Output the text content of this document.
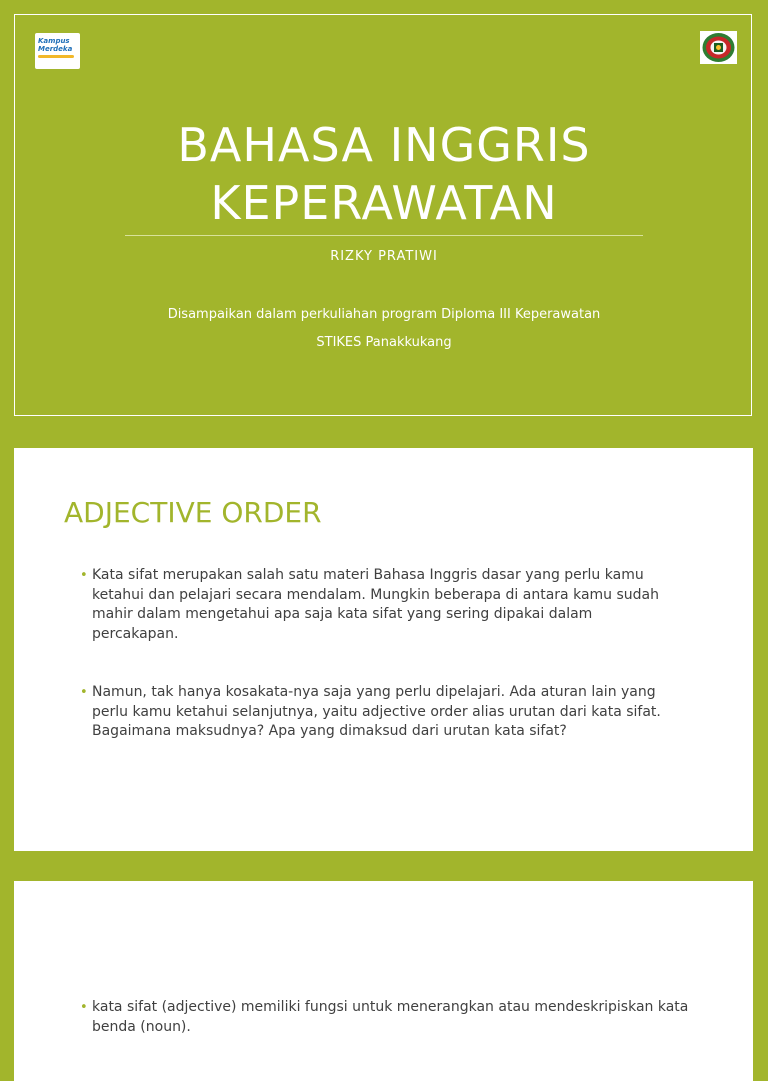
Kampus
Merdeka
BAHASA INGGRIS
KEPERAWATAN
RIZKY PRATIWI
Disampaikan dalam perkuliahan program Diploma III Keperawatan
STIKES Panakkukang
ADJECTIVE ORDER

• Kata sifat merupakan salah satu materi Bahasa Inggris dasar yang perlu kamu ketahui dan pelajari secara mendalam. Mungkin beberapa di antara kamu sudah mahir dalam mengetahui apa saja kata sifat yang sering dipakai dalam percakapan.

• Namun, tak hanya kosakata-nya saja yang perlu dipelajari. Ada aturan lain yang perlu kamu ketahui selanjutnya, yaitu adjective order alias urutan dari kata sifat. Bagaimana maksudnya? Apa yang dimaksud dari urutan kata sifat?

• kata sifat (adjective) memiliki fungsi untuk menerangkan atau mendeskripiskan kata benda (noun).
